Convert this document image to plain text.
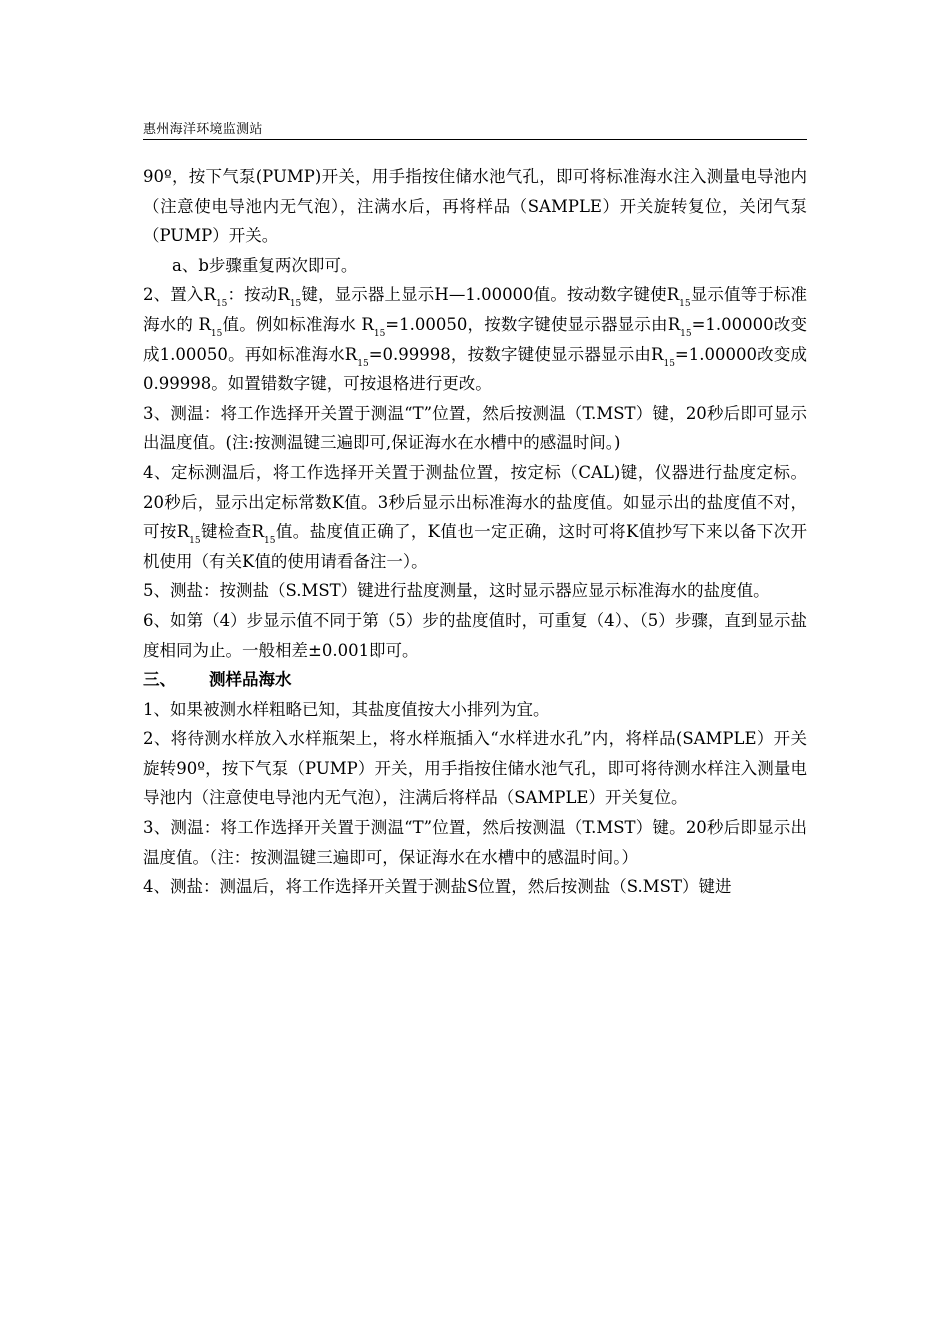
惠州海洋环境监测站

90º，按下气泵(PUMP)开关，用手指按住储水池气孔，即可将标准海水注入测量电导池内（注意使电导池内无气泡），注满水后，再将样品（SAMPLE）开关旋转复位，关闭气泵（PUMP）开关。

a、b步骤重复两次即可。

2、置入$R_{15}$：按动$R_{15}$键，显示器上显示H—1.00000值。按动数字键使$R_{15}$显示值等于标准海水的 $R_{15}$值。例如标准海水 $R_{15}=1.00050$，按数字键使显示器显示由$R_{15}=1.00000$改变成1.00050。再如标准海水$R_{15}=0.99998$，按数字键使显示器显示由$R_{15}=1.00000$改变成0.99998。如置错数字键，可按退格进行更改。

3、测温：将工作选择开关置于测温“T”位置，然后按测温（T.MST）键，20秒后即可显示出温度值。(注:按测温键三遍即可,保证海水在水槽中的感温时间。)

4、定标测温后，将工作选择开关置于测盐位置，按定标（CAL)键，仪器进行盐度定标。20秒后，显示出定标常数K值。3秒后显示出标准海水的盐度值。如显示出的盐度值不对，可按$R_{15}$键检查$R_{15}$值。盐度值正确了，K值也一定正确，这时可将K值抄写下来以备下次开机使用（有关K值的使用请看备注一）。

5、测盐：按测盐（S.MST）键进行盐度测量，这时显示器应显示标准海水的盐度值。

6、如第（4）步显示值不同于第（5）步的盐度值时，可重复（4）、（5）步骤，直到显示盐度相同为止。一般相差±0.001即可。

三、 测样品海水

1、如果被测水样粗略已知，其盐度值按大小排列为宜。

2、将待测水样放入水样瓶架上，将水样瓶插入“水样进水孔”内，将样品(SAMPLE）开关旋转90º，按下气泵（PUMP）开关，用手指按住储水池气孔，即可将待测水样注入测量电导池内（注意使电导池内无气泡），注满后将样品（SAMPLE）开关复位。

3、测温：将工作选择开关置于测温“T”位置，然后按测温（T.MST）键。20秒后即显示出温度值。（注：按测温键三遍即可，保证海水在水槽中的感温时间。）

4、测盐：测温后，将工作选择开关置于测盐S位置，然后按测盐（S.MST）键进
